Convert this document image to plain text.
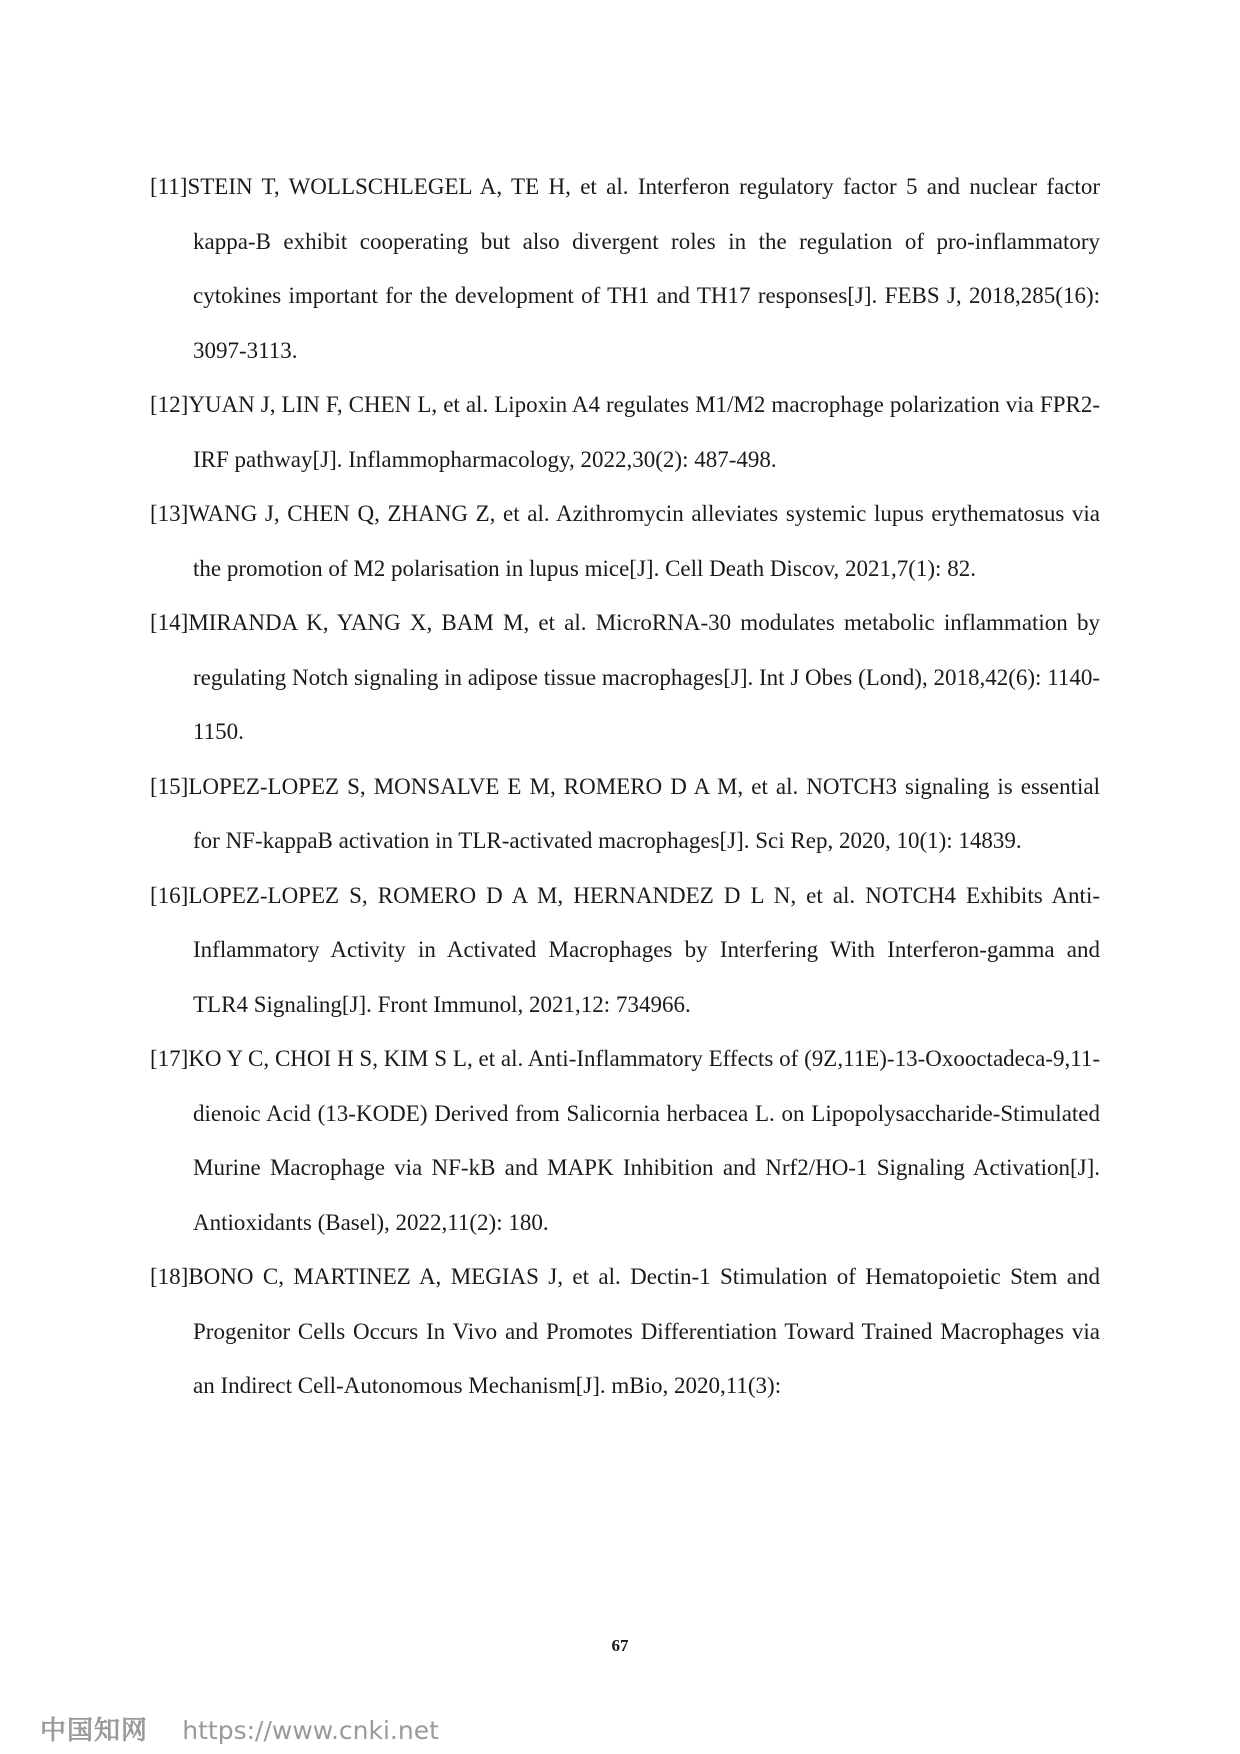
[11]STEIN T, WOLLSCHLEGEL A, TE H, et al. Interferon regulatory factor 5 and nuclear factor kappa-B exhibit cooperating but also divergent roles in the regulation of pro-inflammatory cytokines important for the development of TH1 and TH17 responses[J]. FEBS J, 2018,285(16): 3097-3113.
[12]YUAN J, LIN F, CHEN L, et al. Lipoxin A4 regulates M1/M2 macrophage polarization via FPR2-IRF pathway[J]. Inflammopharmacology, 2022,30(2): 487-498.
[13]WANG J, CHEN Q, ZHANG Z, et al. Azithromycin alleviates systemic lupus erythematosus via the promotion of M2 polarisation in lupus mice[J]. Cell Death Discov, 2021,7(1): 82.
[14]MIRANDA K, YANG X, BAM M, et al. MicroRNA-30 modulates metabolic inflammation by regulating Notch signaling in adipose tissue macrophages[J]. Int J Obes (Lond), 2018,42(6): 1140-1150.
[15]LOPEZ-LOPEZ S, MONSALVE E M, ROMERO D A M, et al. NOTCH3 signaling is essential for NF-kappaB activation in TLR-activated macrophages[J]. Sci Rep, 2020, 10(1): 14839.
[16]LOPEZ-LOPEZ S, ROMERO D A M, HERNANDEZ D L N, et al. NOTCH4 Exhibits Anti-Inflammatory Activity in Activated Macrophages by Interfering With Interferon-gamma and TLR4 Signaling[J]. Front Immunol, 2021,12: 734966.
[17]KO Y C, CHOI H S, KIM S L, et al. Anti-Inflammatory Effects of (9Z,11E)-13-Oxooctadeca-9,11-dienoic Acid (13-KODE) Derived from Salicornia herbacea L. on Lipopolysaccharide-Stimulated Murine Macrophage via NF-kB and MAPK Inhibition and Nrf2/HO-1 Signaling Activation[J]. Antioxidants (Basel), 2022,11(2): 180.
[18]BONO C, MARTINEZ A, MEGIAS J, et al. Dectin-1 Stimulation of Hematopoietic Stem and Progenitor Cells Occurs In Vivo and Promotes Differentiation Toward Trained Macrophages via an Indirect Cell-Autonomous Mechanism[J]. mBio, 2020,11(3):
67
中国知网 https://www.cnki.net
